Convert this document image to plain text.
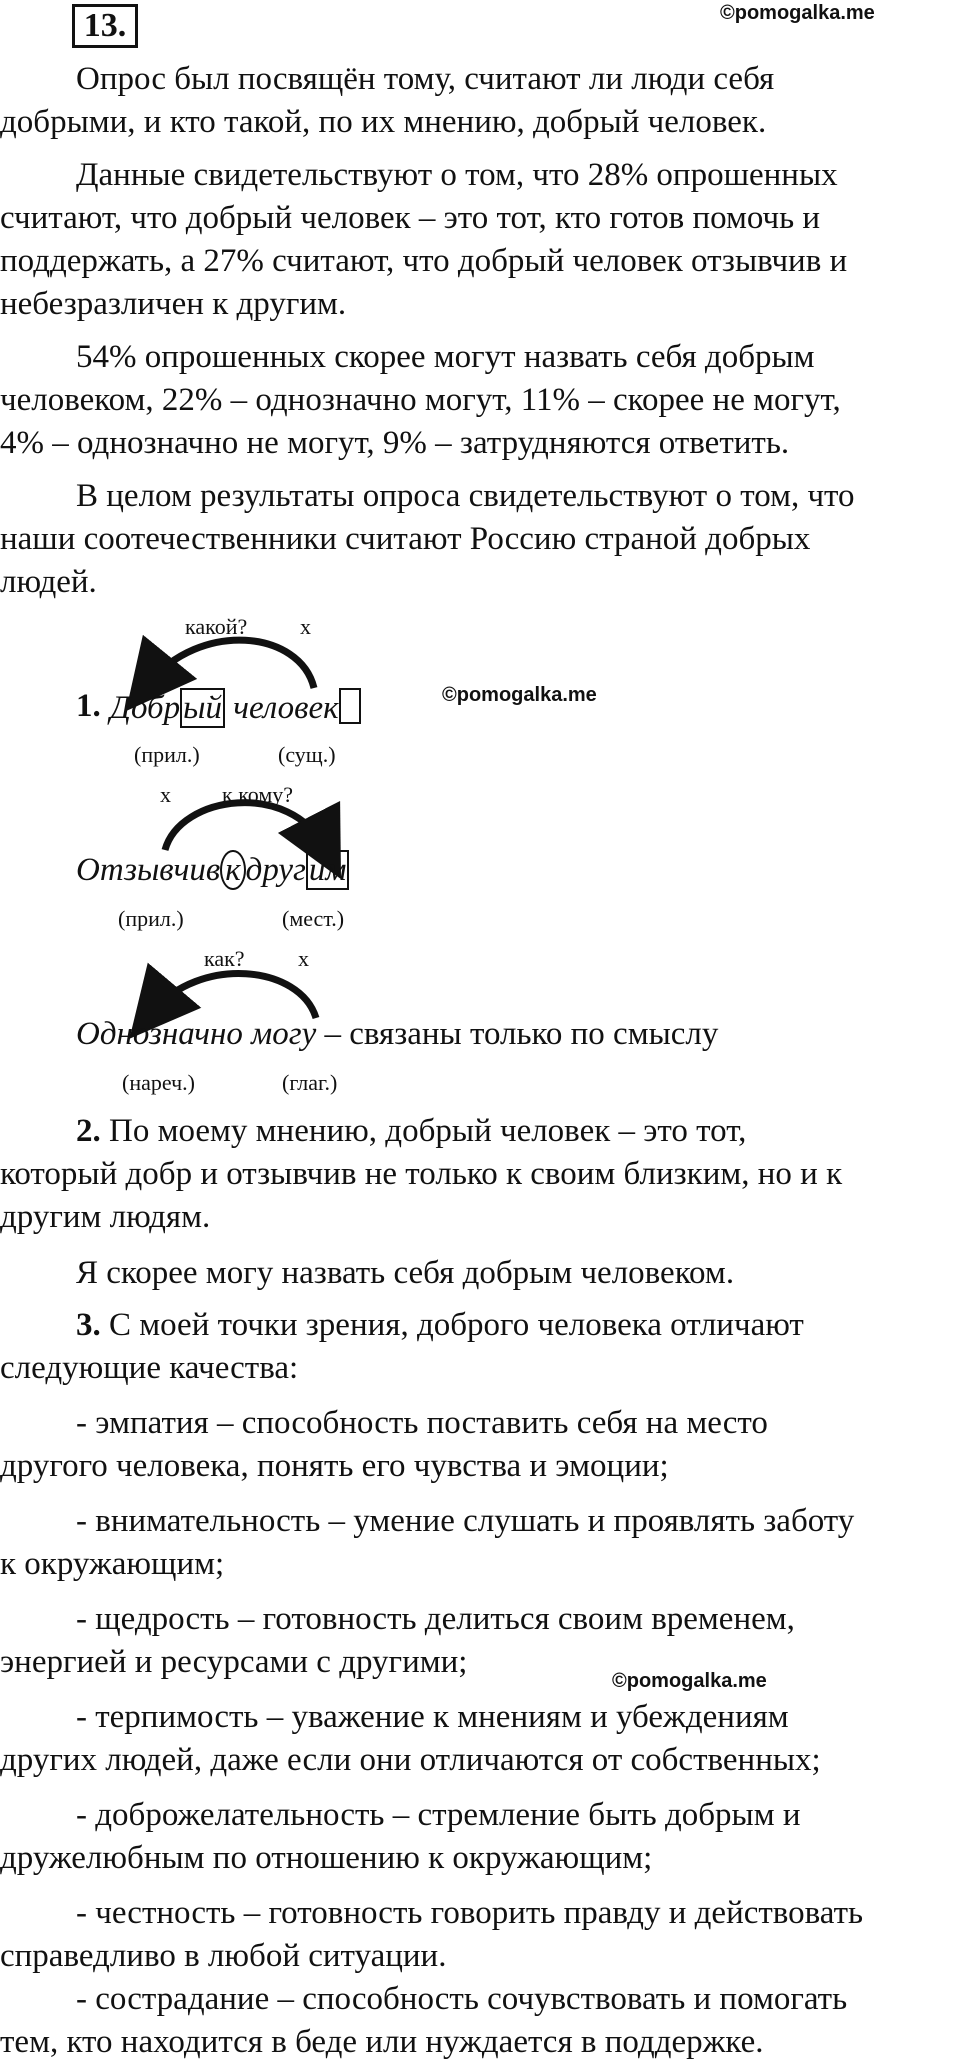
13.	©pomogalka.me
Опрос был посвящён тому, считают ли люди себя
добрыми, и кто такой, по их мнению, добрый человек.
Данные свидетельствуют о том, что 28% опрошенных
считают, что добрый человек – это тот, кто готов помочь и
поддержать, а 27% считают, что добрый человек отзывчив и
небезразличен к другим.
54% опрошенных скорее могут назвать себя добрым
человеком, 22% – однозначно могут, 11% – скорее не могут,
4% – однозначно не могут, 9% – затрудняются ответить.
В целом результаты опроса свидетельствуют о том, что
наши соотечественники считают Россию страной добрых
людей.
какой? х
1. Добрый человек	©pomogalka.me
(прил.)	(сущ.)
х к кому?
Отзывчив к другим
(прил.)	(мест.)
как? х
Однозначно могу – связаны только по смыслу
(нареч.)	(глаг.)
2. По моему мнению, добрый человек – это тот,
который добр и отзывчив не только к своим близким, но и к
другим людям.
Я скорее могу назвать себя добрым человеком.
3. С моей точки зрения, доброго человека отличают
следующие качества:
- эмпатия – способность поставить себя на место
другого человека, понять его чувства и эмоции;
- внимательность – умение слушать и проявлять заботу
к окружающим;
- щедрость – готовность делиться своим временем,
энергией и ресурсами с другими;
©pomogalka.me
- терпимость – уважение к мнениям и убеждениям
других людей, даже если они отличаются от собственных;
- доброжелательность – стремление быть добрым и
дружелюбным по отношению к окружающим;
- честность – готовность говорить правду и действовать
справедливо в любой ситуации.
- сострадание – способность сочувствовать и помогать
тем, кто находится в беде или нуждается в поддержке.
